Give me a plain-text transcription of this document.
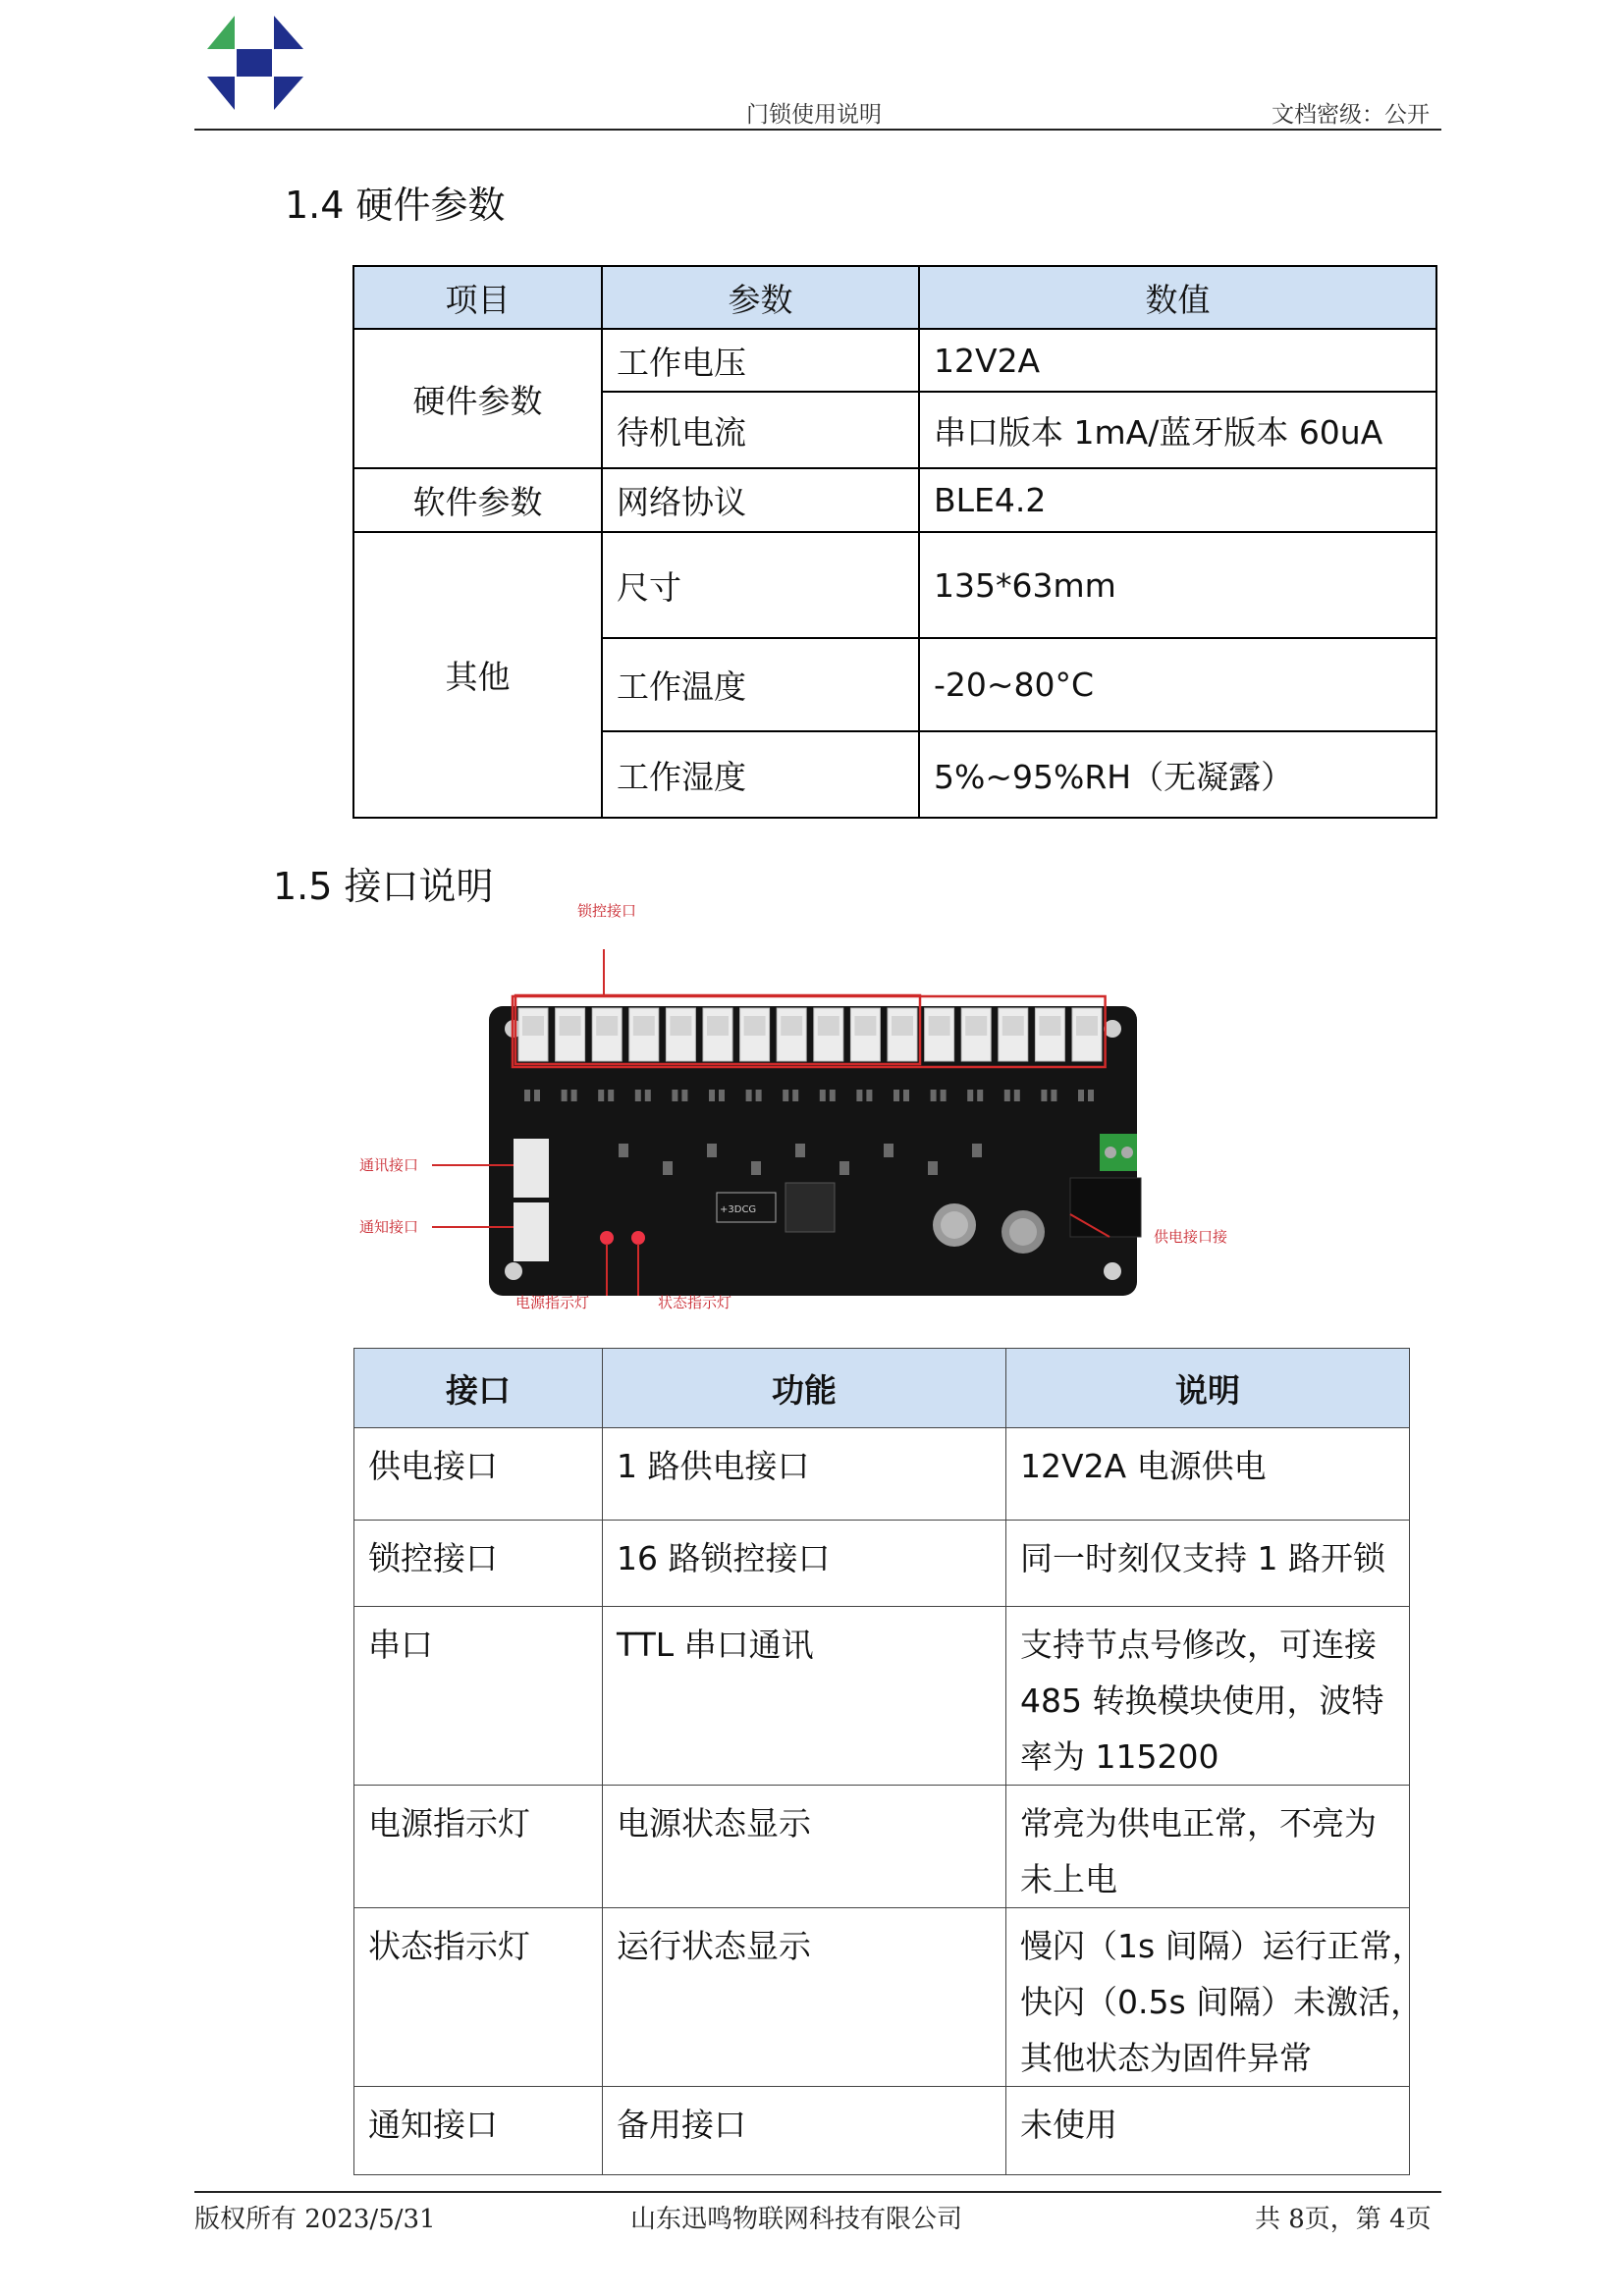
门锁使用说明	文档密级：公开
1.4 硬件参数
项目	参数	数值
硬件参数	工作电压	12V2A
	待机电流	串口版本 1mA/蓝牙版本 60uA
软件参数	网络协议	BLE4.2
其他	尺寸	135*63mm
	工作温度	-20~80°C
	工作湿度	5%~95%RH（无凝露）
1.5 接口说明
+3DCG
锁控接口
通讯接口
通知接口
供电接口接
电源指示灯	状态指示灯
接口	功能	说明
供电接口	1 路供电接口	12V2A 电源供电

锁控接口	16 路锁控接口	同一时刻仅支持 1 路开锁

串口	TTL 串口通讯	支持节点号修改，可连接
485 转换模块使用，波特
率为 115200

电源指示灯	电源状态显示	常亮为供电正常，不亮为
未上电

状态指示灯	运行状态显示	慢闪（1s 间隔）运行正常，
快闪（0.5s 间隔）未激活，
其他状态为固件异常

通知接口	备用接口	未使用
版权所有 2023/5/31	山东迅鸣物联网科技有限公司	共 8页，第 4页
